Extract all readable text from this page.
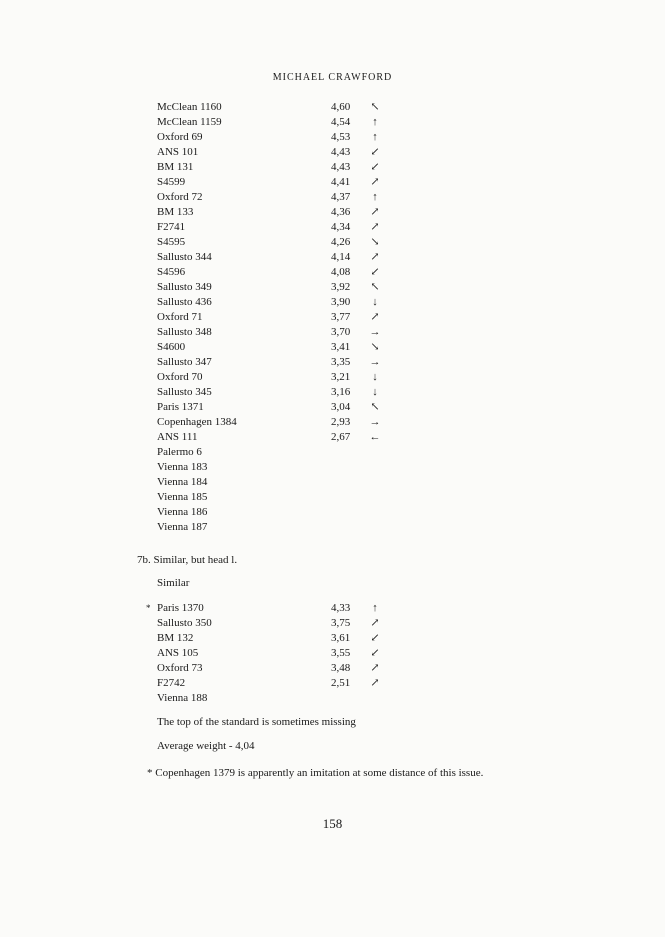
MICHAEL CRAWFORD
McClean 1160	4,60 ↖
McClean 1159	4,54	↑
Oxford 69	4,53	↑
ANS 101	4,43 ↙
BM 131	4,43 ↙
S4599	4,41 ↗
Oxford 72	4,37	↑
BM 133	4,36 ↗
F2741	4,34 ↗
S4595	4,26 ↘
Sallusto 344	4,14 ↗
S4596	4,08 ↙
Sallusto 349	3,92 ↖
Sallusto 436	3,90	↓
Oxford 71	3,77 ↗
Sallusto 348	3,70 →
S4600	3,41 ↘
Sallusto 347	3,35 →
Oxford 70	3,21	↓
Sallusto 345	3,16	↓
Paris 1371	3,04 ↖
Copenhagen 1384	2,93 →
ANS 111	2,67 ←
Palermo 6
Vienna 183
Vienna 184
Vienna 185
Vienna 186
Vienna 187
7b. Similar, but head l.
Similar
* Paris 1370	4,33	↑
Sallusto 350	3,75 ↗
BM 132	3,61 ↙
ANS 105	3,55 ↙
Oxford 73	3,48 ↗
F2742	2,51 ↗
Vienna 188
The top of the standard is sometimes missing
Average weight - 4,04
* Copenhagen 1379 is apparently an imitation at some distance of this issue.
158
